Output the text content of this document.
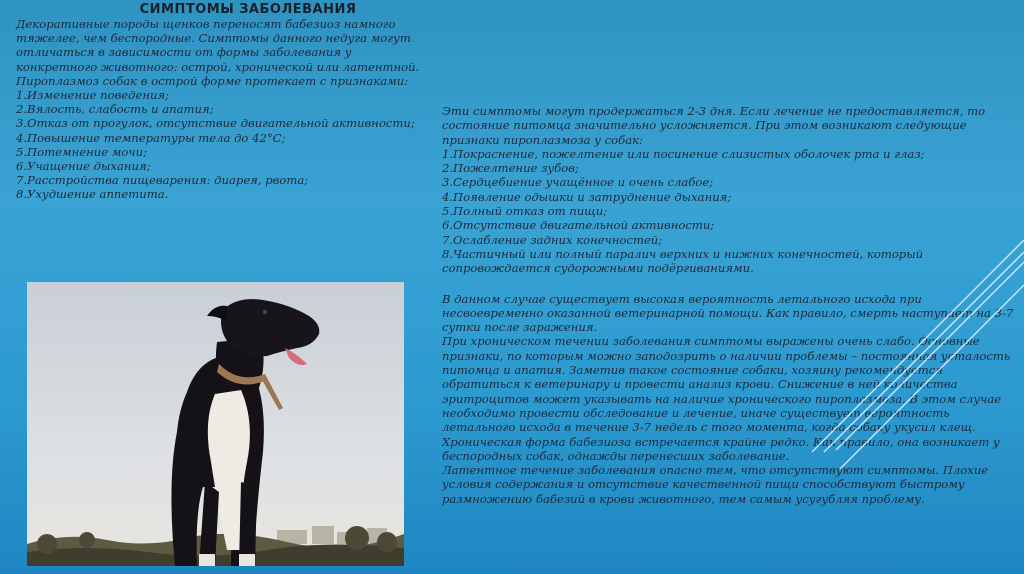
СИМПТОМЫ ЗАБОЛЕВАНИЯ

Декоративные породы щенков переносят бабезиоз намного тяжелее, чем беспородные. Симптомы данного недуга могут отличаться в зависимости от формы заболевания у конкретного животного: острой, хронической или латентной.

Пироплазмоз собак в острой форме протекает с признаками:

1.Изменение поведения;

2.Вялость, слабость и апатия;

3.Отказ от прогулок, отсутствие двигательной активности;

4.Повышение температуры тела до 42°С;

5.Потемнение мочи;

6.Учащение дыхания;

7.Расстройства пищеварения: диарея, рвота;

8.Ухудшение аппетита.

Эти симптомы могут продержаться 2-3 дня. Если лечение не предоставляется, то состояние питомца значительно усложняется. При этом возникают следующие признаки пироплазмоза у собак:

1.Покраснение, пожелтение или посинение слизистых оболочек рта и глаз;

2.Пожелтение зубов;

3.Сердцебиение учащённое и очень слабое;

4.Появление одышки и затруднение дыхания;

5.Полный отказ от пищи;

6.Отсутствие двигательной активности;

7.Ослабление задних конечностей;

8.Частичный или полный паралич верхних и нижних конечностей, который сопровождается судорожными подёргиваниями.

В данном случае существует высокая вероятность летального исхода при несвоевременно оказанной ветеринарной помощи. Как правило, смерть наступает на 3-7 сутки после заражения.

При хроническом течении заболевания симптомы выражены очень слабо. Основные признаки, по которым можно заподозрить о наличии проблемы – постоянная усталость питомца и апатия. Заметив такое состояние собаки, хозяину рекомендуется обратиться к ветеринару и провести анализ крови. Снижение в ней количества эритроцитов может указывать на наличие хронического пироплазмоза. В этом случае необходимо провести обследование и лечение, иначе существует вероятность летального исхода в течение 3-7 недель с того момента, когда собаку укусил клещ. Хроническая форма бабезиоза встречается крайне редко. Как правило, она возникает у беспородных собак, однажды перенесших заболевание.

Латентное течение заболевания опасно тем, что отсутствуют симптомы. Плохие условия содержания и отсутствие качественной пищи способствуют быстрому размножению бабезий в крови животного, тем самым усугубляя проблему.
